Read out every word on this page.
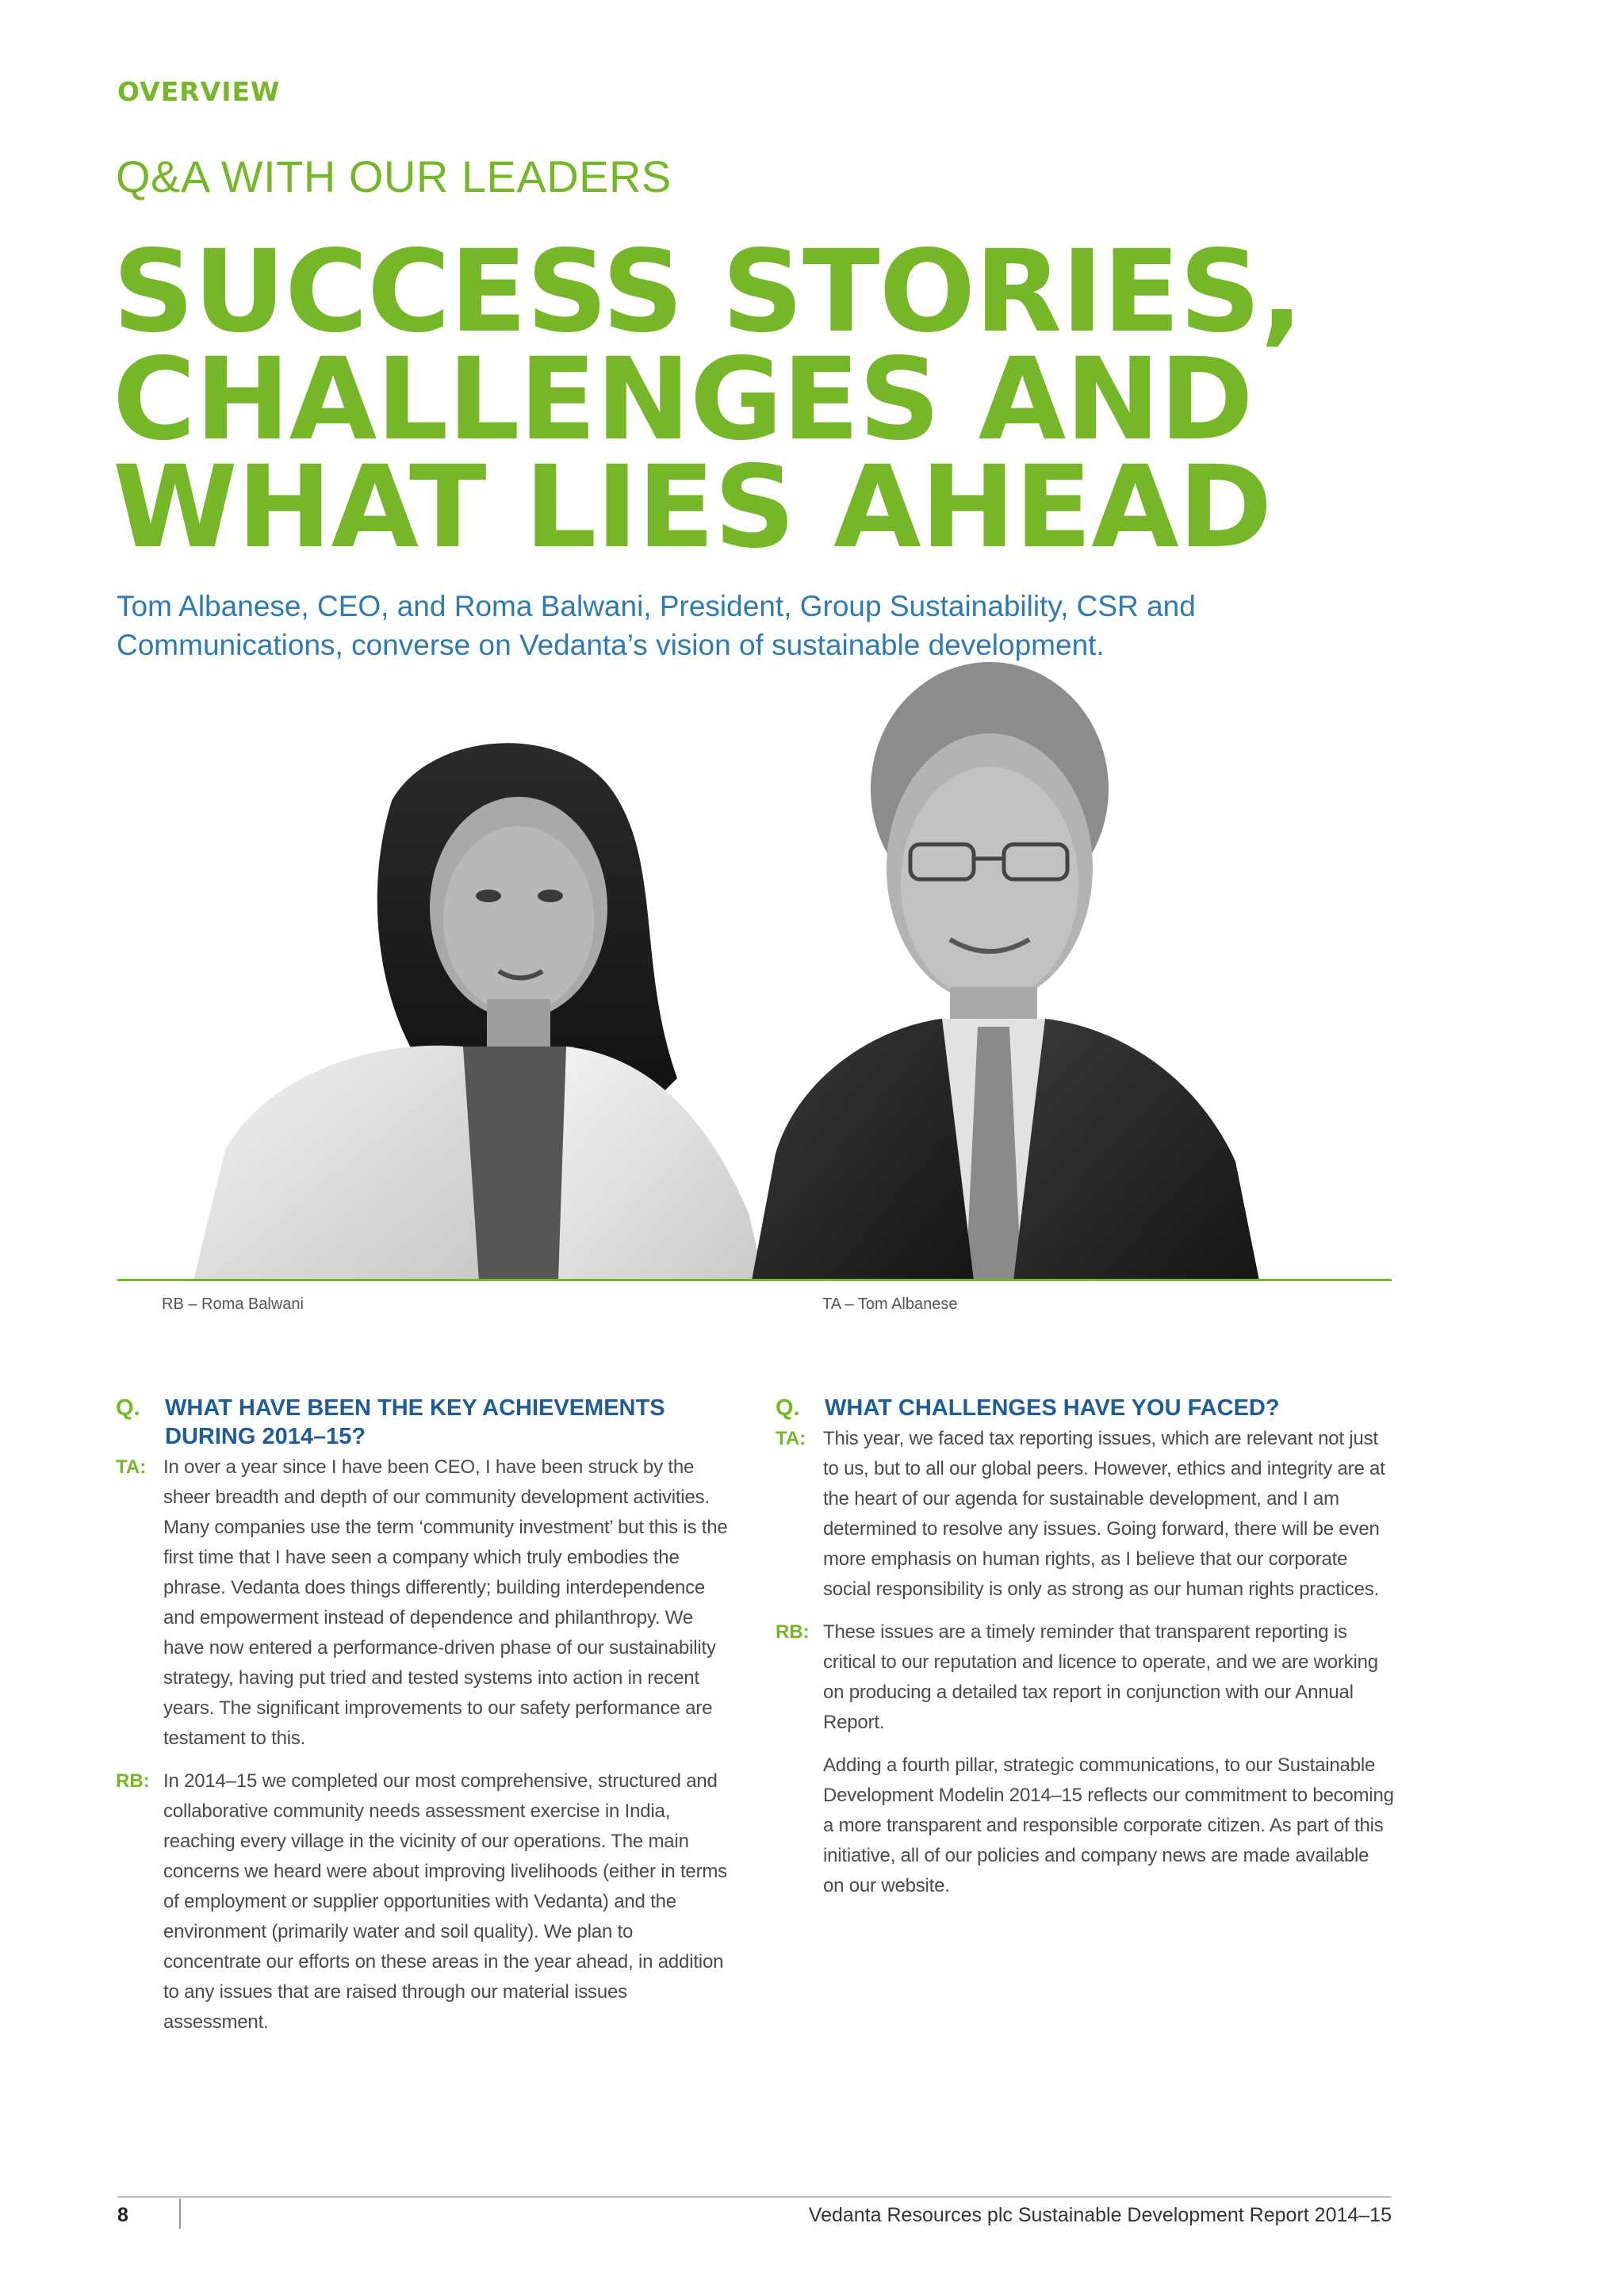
OVERVIEW
Q&A WITH OUR LEADERS
SUCCESS STORIES,
CHALLENGES AND
WHAT LIES AHEAD
Tom Albanese, CEO, and Roma Balwani, President, Group Sustainability, CSR and Communications, converse on Vedanta’s vision of sustainable development.
RB – Roma Balwani	TA – Tom Albanese
Q.	WHAT HAVE BEEN THE KEY ACHIEVEMENTS DURING 2014–15?
TA: In over a year since I have been CEO, I have been struck by the sheer breadth and depth of our community development activities. Many companies use the term ‘community investment’ but this is the first time that I have seen a company which truly embodies the phrase. Vedanta does things differently; building interdependence and empowerment instead of dependence and philanthropy. We have now entered a performance-driven phase of our sustainability strategy, having put tried and tested systems into action in recent years. The significant improvements to our safety performance are testament to this.

RB: In 2014–15 we completed our most comprehensive, structured and collaborative community needs assessment exercise in India, reaching every village in the vicinity of our operations. The main concerns we heard were about improving livelihoods (either in terms of employment or supplier opportunities with Vedanta) and the environment (primarily water and soil quality). We plan to concentrate our efforts on these areas in the year ahead, in addition to any issues that are raised through our material issues assessment.

Q.	WHAT CHALLENGES HAVE YOU FACED?
TA: This year, we faced tax reporting issues, which are relevant not just to us, but to all our global peers. However, ethics and integrity are at the heart of our agenda for sustainable development, and I am determined to resolve any issues. Going forward, there will be even more emphasis on human rights, as I believe that our corporate social responsibility is only as strong as our human rights practices.

RB: These issues are a timely reminder that transparent reporting is critical to our reputation and licence to operate, and we are working on producing a detailed tax report in conjunction with our Annual Report.

Adding a fourth pillar, strategic communications, to our Sustainable Development Modelin 2014–15 reflects our commitment to becoming a more transparent and responsible corporate citizen. As part of this initiative, all of our policies and company news are made available on our website.

8	Vedanta Resources plc Sustainable Development Report 2014–15
